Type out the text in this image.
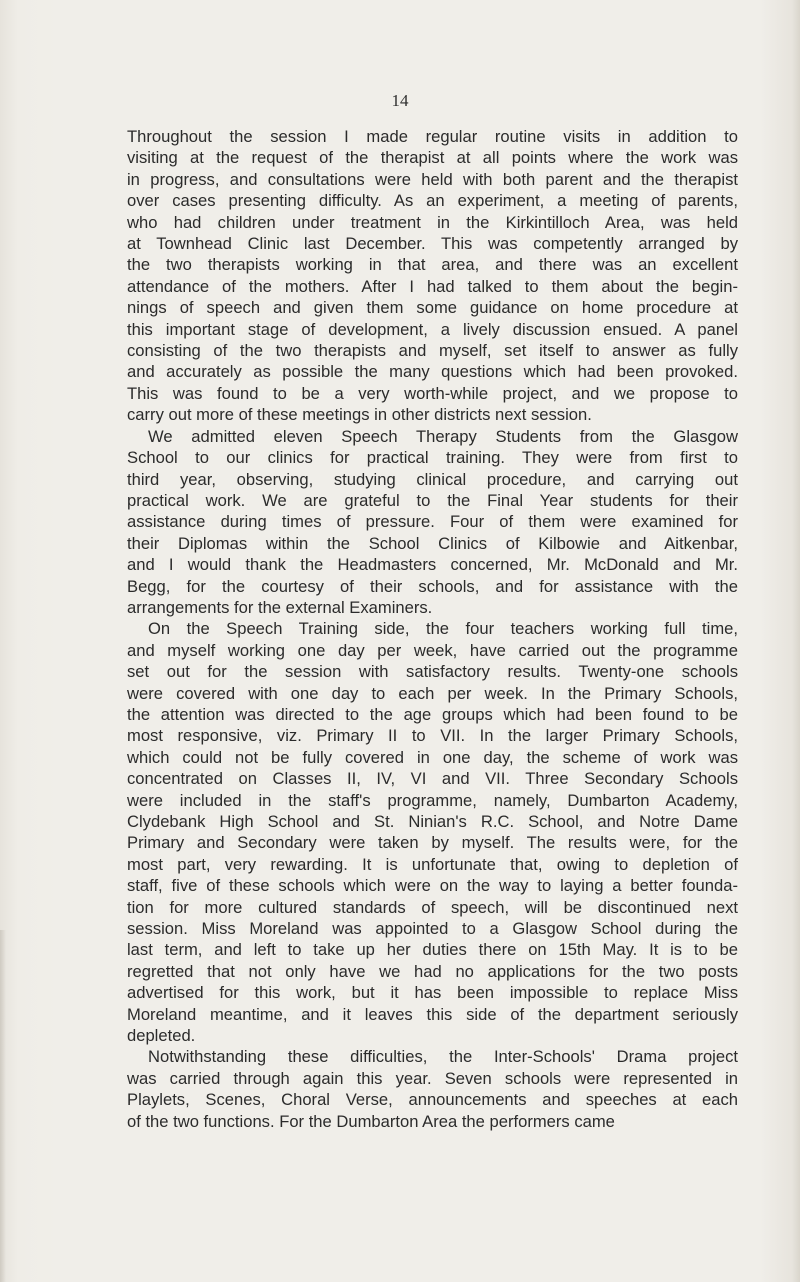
14
Throughout the session I made regular routine visits in addition to
visiting at the request of the therapist at all points where the work was
in progress, and consultations were held with both parent and the therapist
over cases presenting difficulty. As an experiment, a meeting of parents,
who had children under treatment in the Kirkintilloch Area, was held
at Townhead Clinic last December. This was competently arranged by
the two therapists working in that area, and there was an excellent
attendance of the mothers. After I had talked to them about the begin-
nings of speech and given them some guidance on home procedure at
this important stage of development, a lively discussion ensued. A panel
consisting of the two therapists and myself, set itself to answer as fully
and accurately as possible the many questions which had been provoked.
This was found to be a very worth-while project, and we propose to
carry out more of these meetings in other districts next session.
We admitted eleven Speech Therapy Students from the Glasgow
School to our clinics for practical training. They were from first to
third year, observing, studying clinical procedure, and carrying out
practical work. We are grateful to the Final Year students for their
assistance during times of pressure. Four of them were examined for
their Diplomas within the School Clinics of Kilbowie and Aitkenbar,
and I would thank the Headmasters concerned, Mr. McDonald and Mr.
Begg, for the courtesy of their schools, and for assistance with the
arrangements for the external Examiners.
On the Speech Training side, the four teachers working full time,
and myself working one day per week, have carried out the programme
set out for the session with satisfactory results. Twenty-one schools
were covered with one day to each per week. In the Primary Schools,
the attention was directed to the age groups which had been found to be
most responsive, viz. Primary II to VII. In the larger Primary Schools,
which could not be fully covered in one day, the scheme of work was
concentrated on Classes II, IV, VI and VII. Three Secondary Schools
were included in the staff's programme, namely, Dumbarton Academy,
Clydebank High School and St. Ninian's R.C. School, and Notre Dame
Primary and Secondary were taken by myself. The results were, for the
most part, very rewarding. It is unfortunate that, owing to depletion of
staff, five of these schools which were on the way to laying a better founda-
tion for more cultured standards of speech, will be discontinued next
session. Miss Moreland was appointed to a Glasgow School during the
last term, and left to take up her duties there on 15th May. It is to be
regretted that not only have we had no applications for the two posts
advertised for this work, but it has been impossible to replace Miss
Moreland meantime, and it leaves this side of the department seriously
depleted.
Notwithstanding these difficulties, the Inter-Schools' Drama project
was carried through again this year. Seven schools were represented in
Playlets, Scenes, Choral Verse, announcements and speeches at each
of the two functions. For the Dumbarton Area the performers came
